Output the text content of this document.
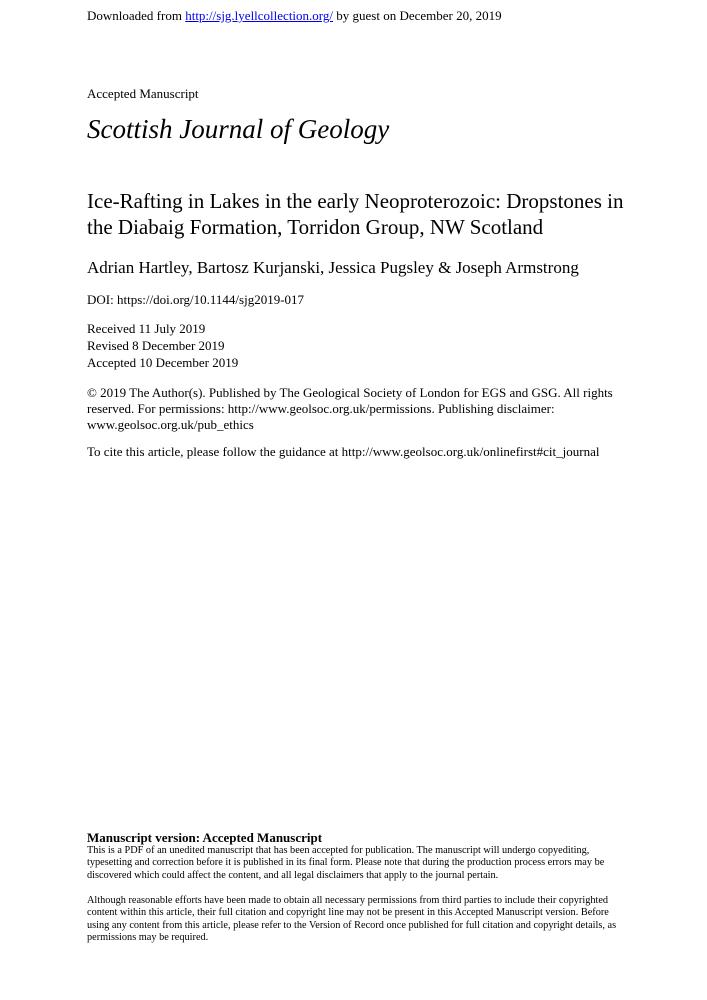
Downloaded from http://sjg.lyellcollection.org/ by guest on December 20, 2019
Accepted Manuscript
Scottish Journal of Geology
Ice-Rafting in Lakes in the early Neoproterozoic: Dropstones in the Diabaig Formation, Torridon Group, NW Scotland
Adrian Hartley, Bartosz Kurjanski, Jessica Pugsley & Joseph Armstrong
DOI: https://doi.org/10.1144/sjg2019-017
Received 11 July 2019
Revised 8 December 2019
Accepted 10 December 2019
© 2019 The Author(s). Published by The Geological Society of London for EGS and GSG. All rights reserved. For permissions: http://www.geolsoc.org.uk/permissions. Publishing disclaimer: www.geolsoc.org.uk/pub_ethics
To cite this article, please follow the guidance at http://www.geolsoc.org.uk/onlinefirst#cit_journal
Manuscript version: Accepted Manuscript
This is a PDF of an unedited manuscript that has been accepted for publication. The manuscript will undergo copyediting, typesetting and correction before it is published in its final form. Please note that during the production process errors may be discovered which could affect the content, and all legal disclaimers that apply to the journal pertain.
Although reasonable efforts have been made to obtain all necessary permissions from third parties to include their copyrighted content within this article, their full citation and copyright line may not be present in this Accepted Manuscript version. Before using any content from this article, please refer to the Version of Record once published for full citation and copyright details, as permissions may be required.
